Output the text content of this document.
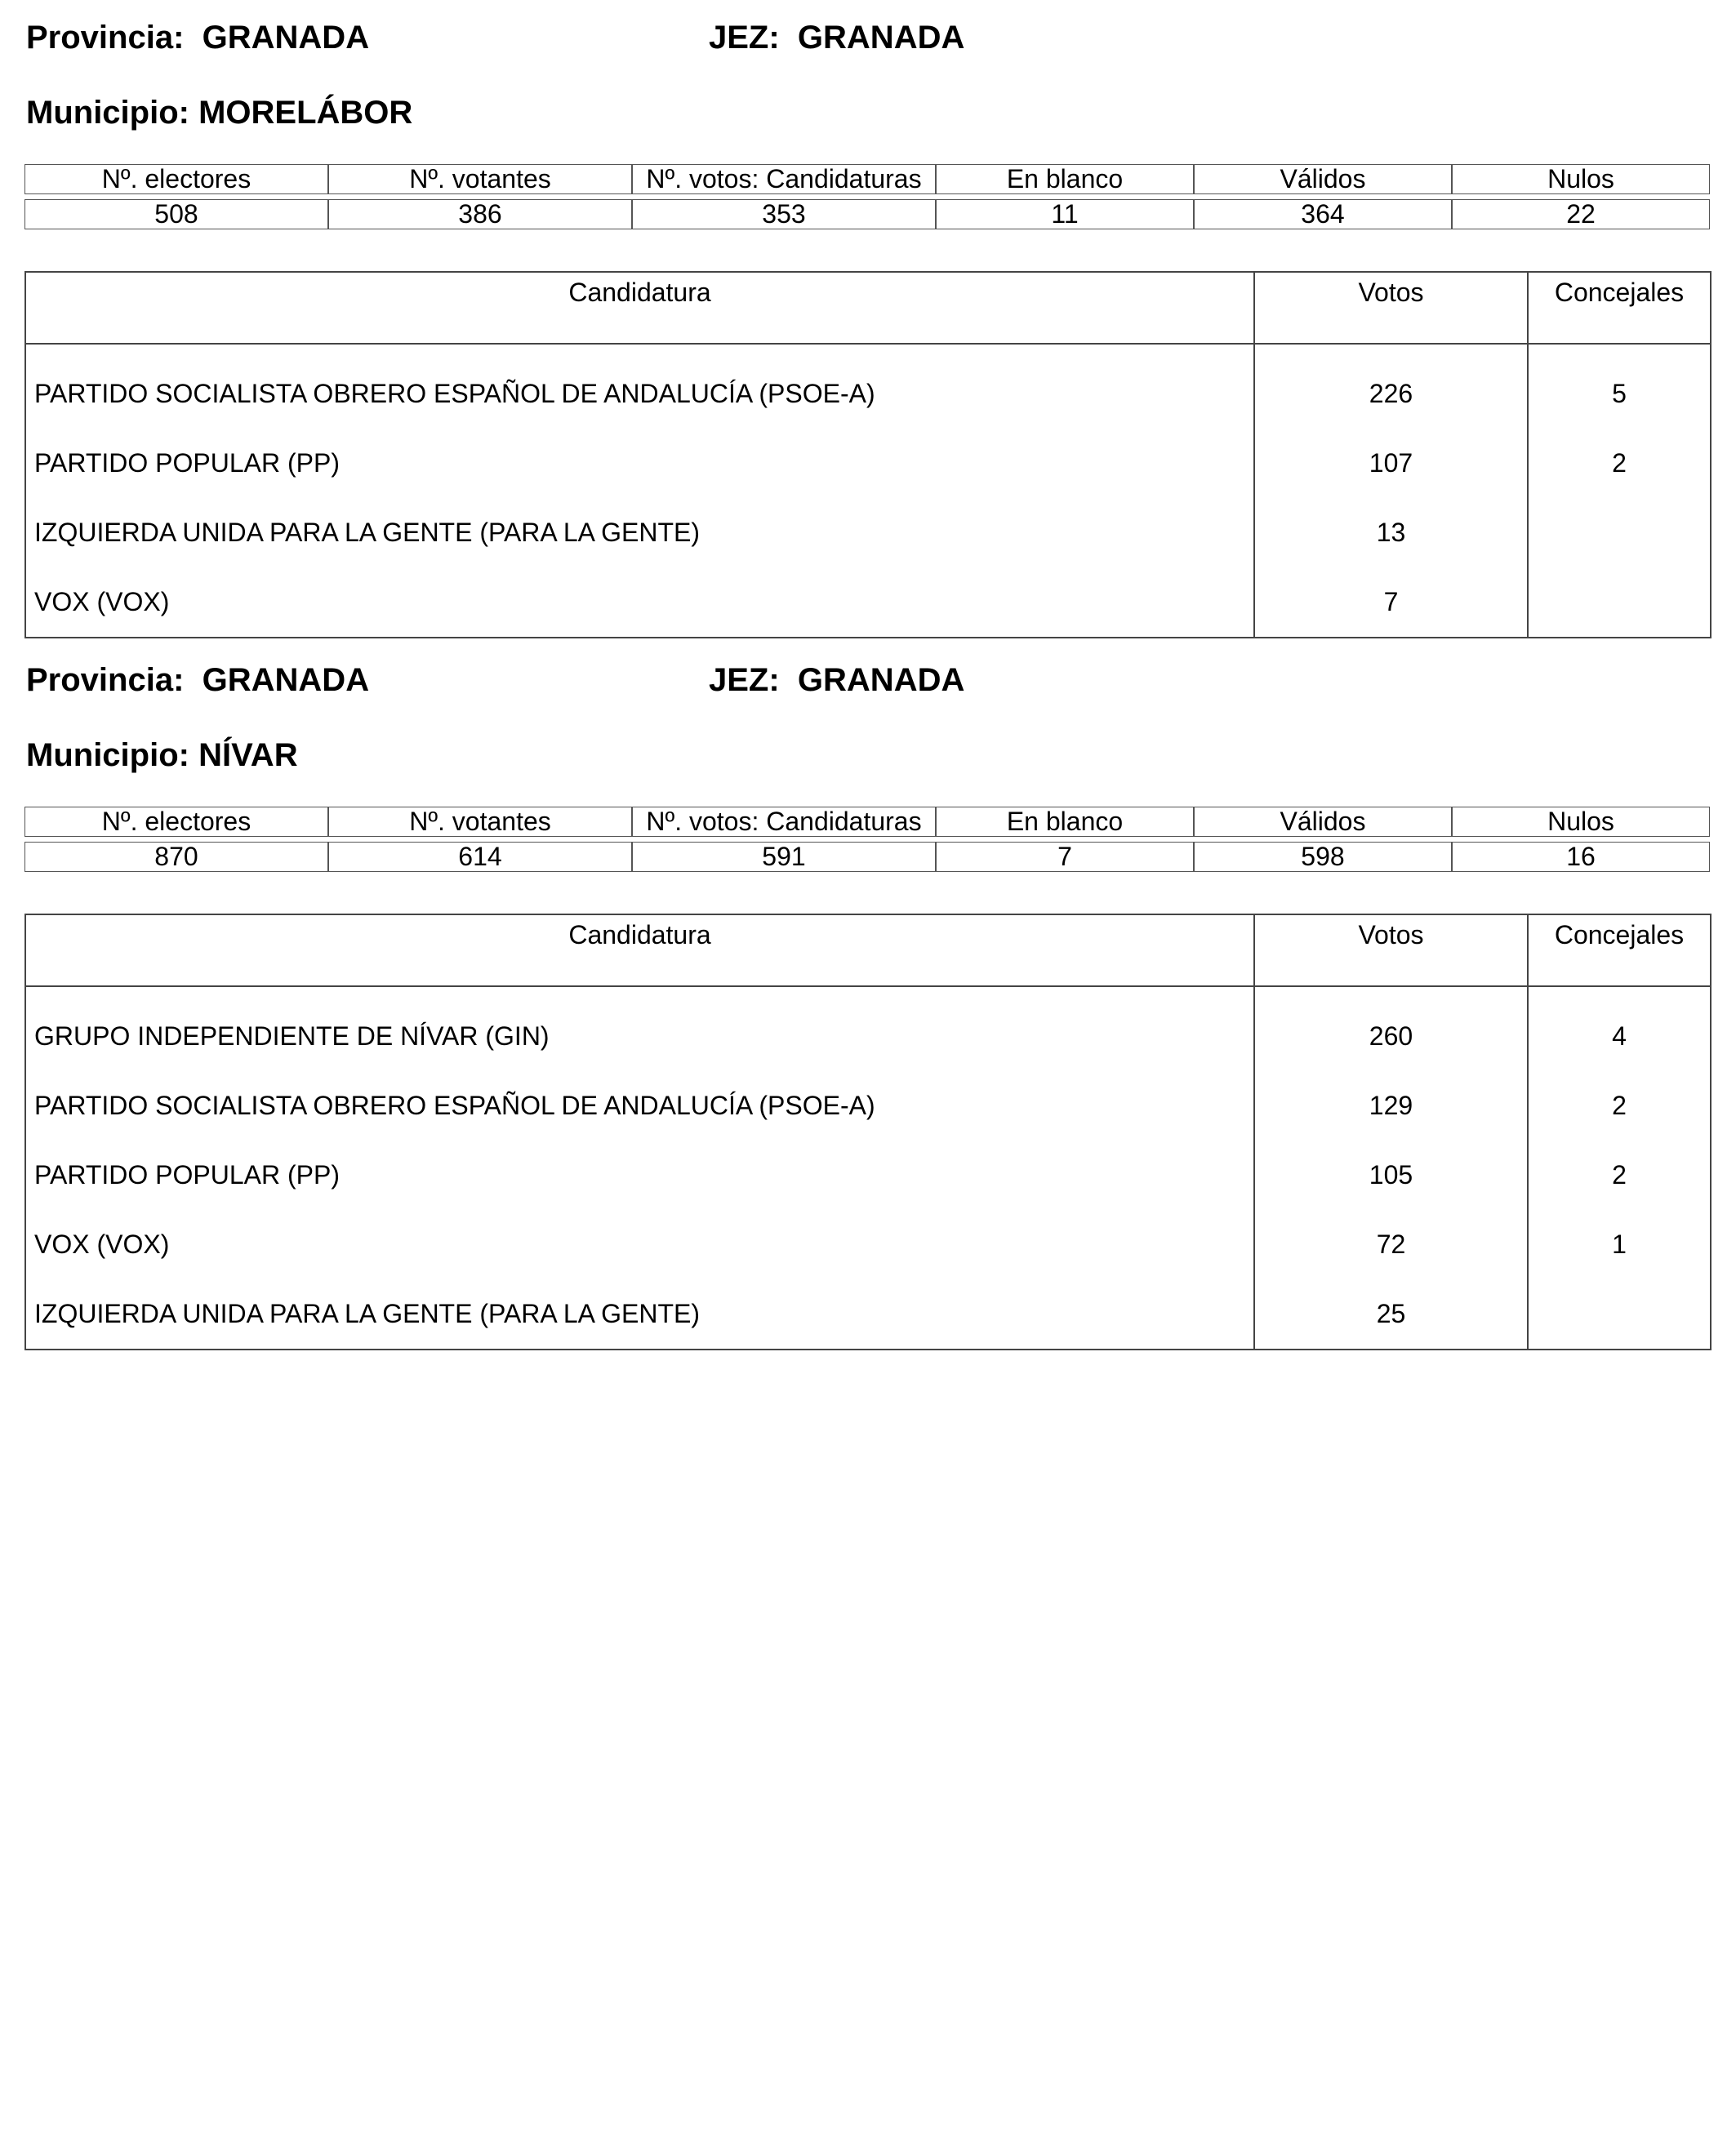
Provincia: GRANADA	JEZ: GRANADA
Municipio: MORELÁBOR
Nº. electores	Nº. votantes	Nº. votos: Candidaturas	En blanco	Válidos	Nulos

508	386	353	11	364	22
Candidatura	Votos	Concejales
PARTIDO SOCIALISTA OBRERO ESPAÑOL DE ANDALUCÍA (PSOE-A)	226	5
PARTIDO POPULAR (PP)	107	2
IZQUIERDA UNIDA PARA LA GENTE (PARA LA GENTE)	13	
VOX (VOX)	7	
Provincia: GRANADA	JEZ: GRANADA
Municipio: NÍVAR
Nº. electores	Nº. votantes	Nº. votos: Candidaturas	En blanco	Válidos	Nulos

870	614	591	7	598	16
Candidatura	Votos	Concejales
GRUPO INDEPENDIENTE DE NÍVAR (GIN)	260	4
PARTIDO SOCIALISTA OBRERO ESPAÑOL DE ANDALUCÍA (PSOE-A)	129	2
PARTIDO POPULAR (PP)	105	2
VOX (VOX)	72	1
IZQUIERDA UNIDA PARA LA GENTE (PARA LA GENTE)	25	
